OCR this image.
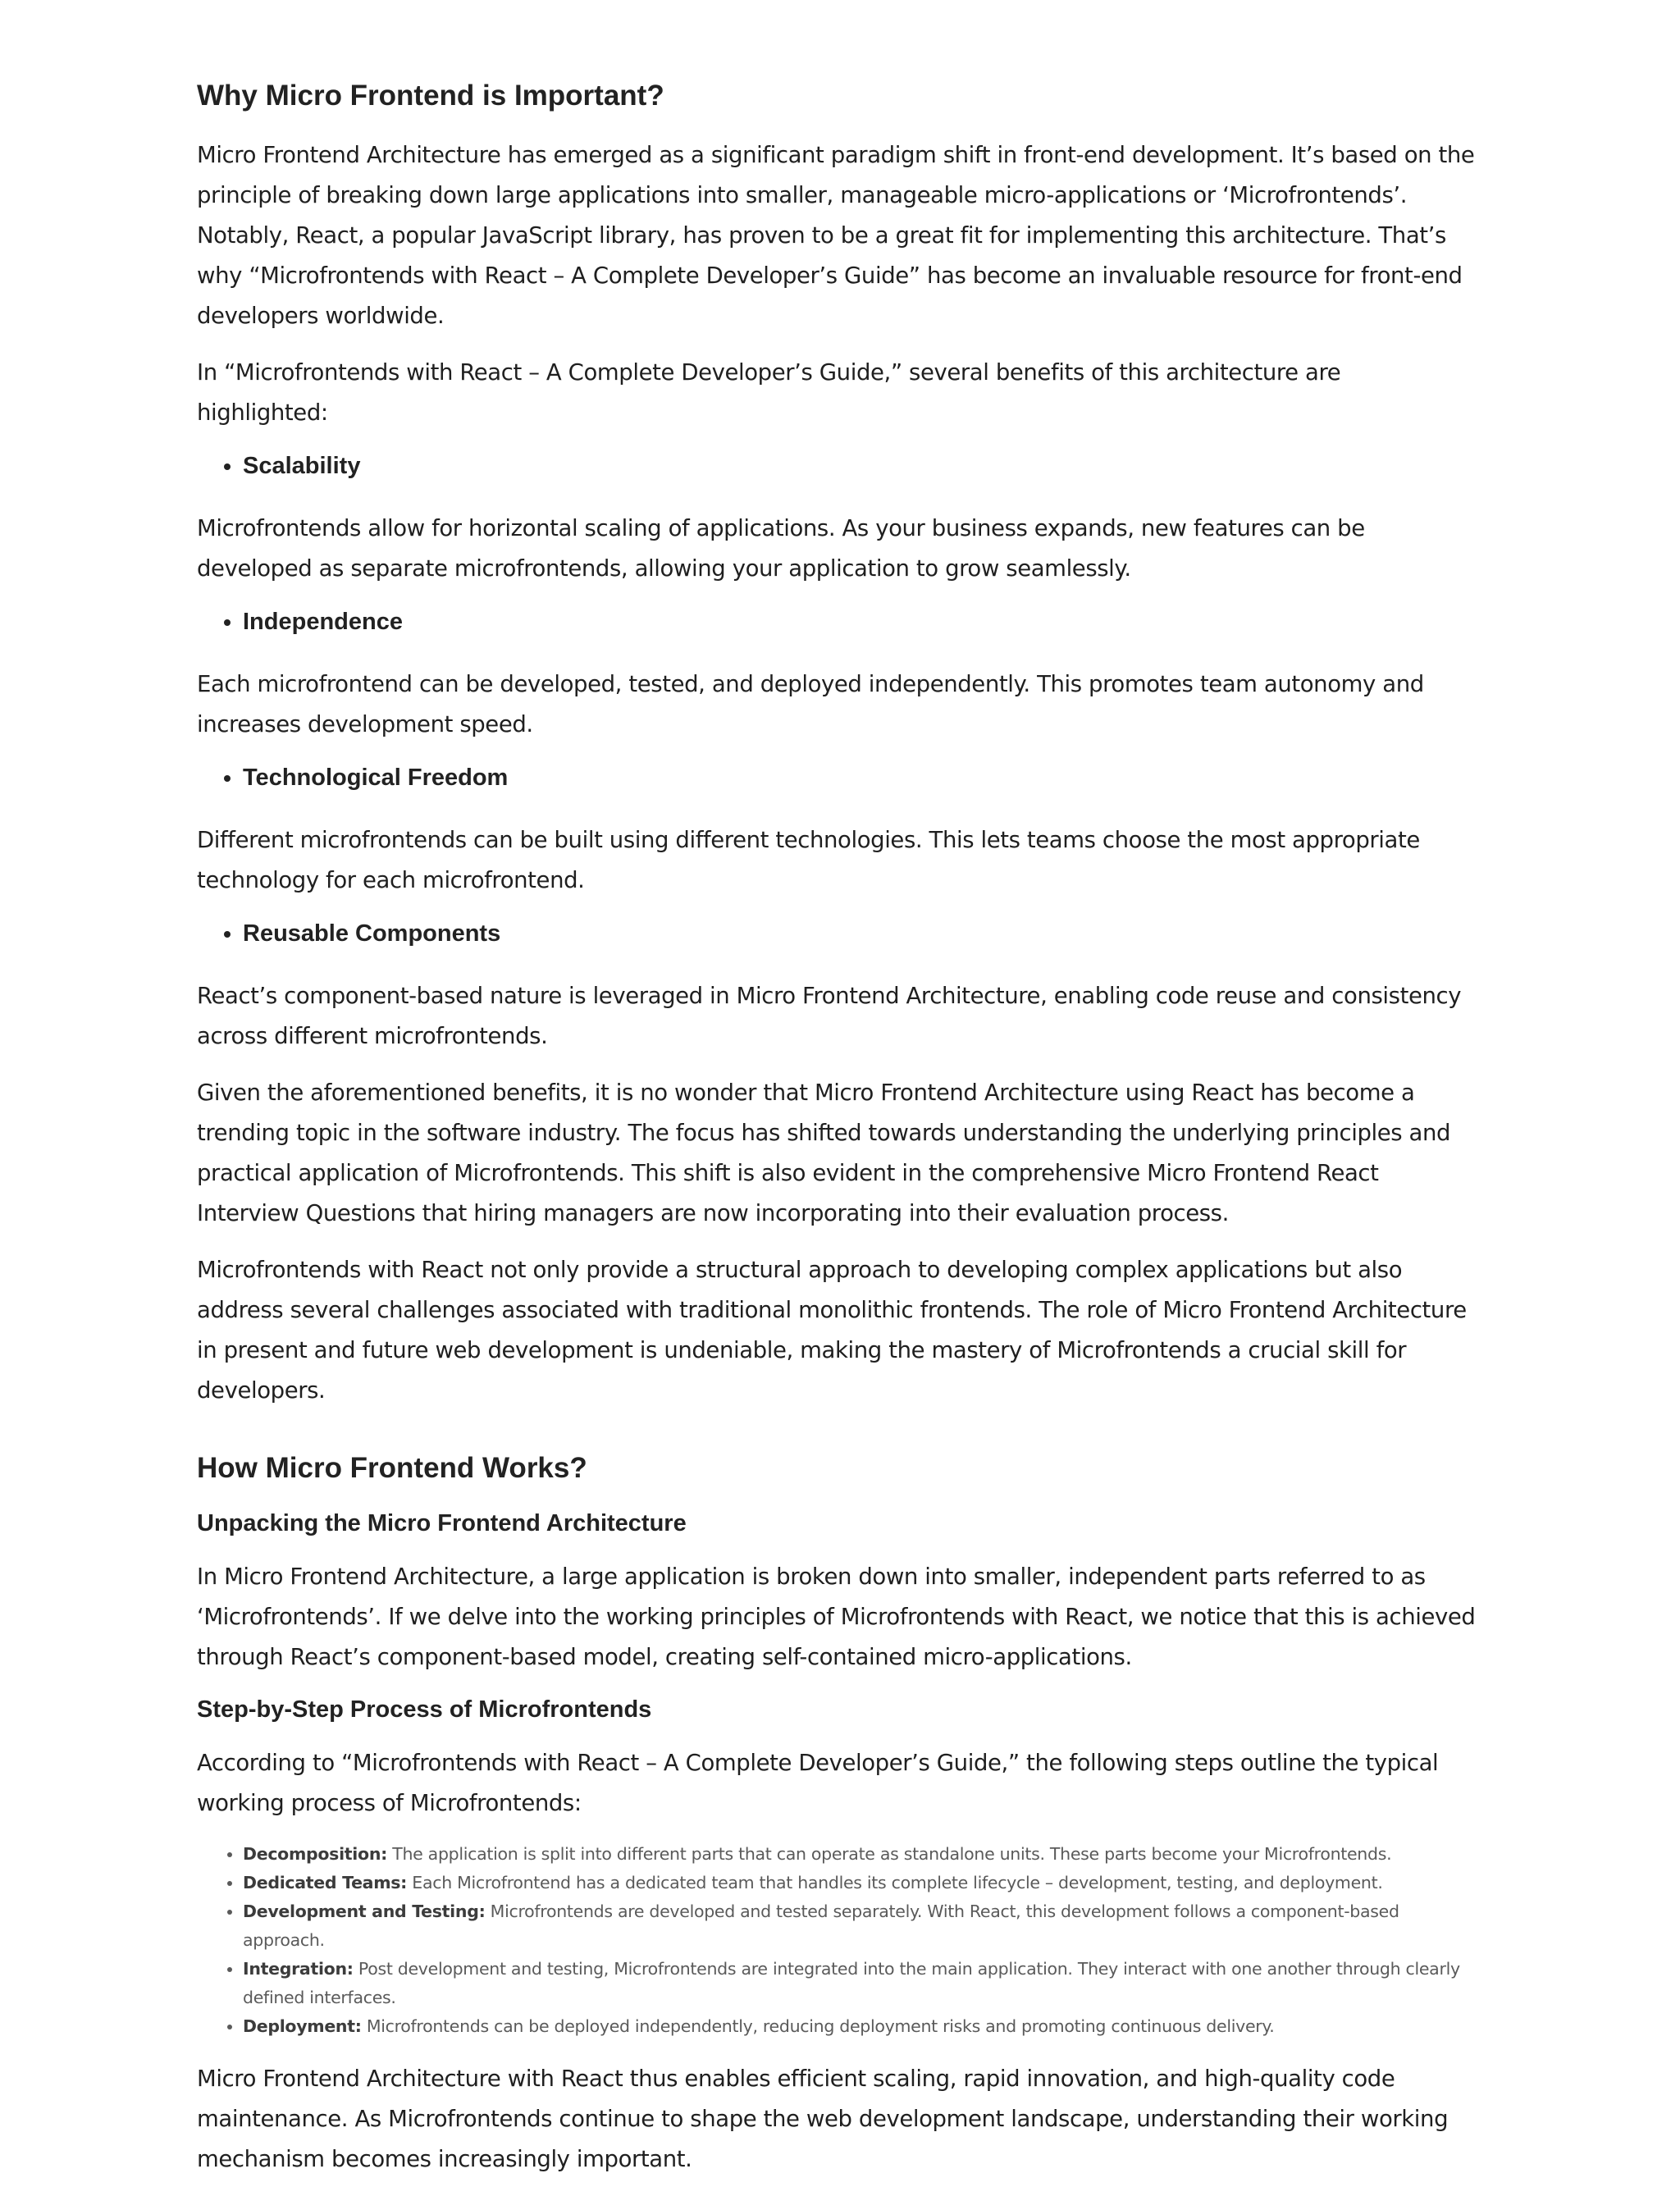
Why Micro Frontend is Important?

Micro Frontend Architecture has emerged as a significant paradigm shift in front-end development. It’s based on the principle of breaking down large applications into smaller, manageable micro-applications or ‘Microfrontends’. Notably, React, a popular JavaScript library, has proven to be a great fit for implementing this architecture. That’s why “Microfrontends with React – A Complete Developer’s Guide” has become an invaluable resource for front-end developers worldwide.

In “Microfrontends with React – A Complete Developer’s Guide,” several benefits of this architecture are highlighted:

• Scalability

Microfrontends allow for horizontal scaling of applications. As your business expands, new features can be developed as separate microfrontends, allowing your application to grow seamlessly.

• Independence

Each microfrontend can be developed, tested, and deployed independently. This promotes team autonomy and increases development speed.

• Technological Freedom

Different microfrontends can be built using different technologies. This lets teams choose the most appropriate technology for each microfrontend.

• Reusable Components

React’s component-based nature is leveraged in Micro Frontend Architecture, enabling code reuse and consistency across different microfrontends.

Given the aforementioned benefits, it is no wonder that Micro Frontend Architecture using React has become a trending topic in the software industry. The focus has shifted towards understanding the underlying principles and practical application of Microfrontends. This shift is also evident in the comprehensive Micro Frontend React Interview Questions that hiring managers are now incorporating into their evaluation process.

Microfrontends with React not only provide a structural approach to developing complex applications but also address several challenges associated with traditional monolithic frontends. The role of Micro Frontend Architecture in present and future web development is undeniable, making the mastery of Microfrontends a crucial skill for developers.

How Micro Frontend Works?
Unpacking the Micro Frontend Architecture

In Micro Frontend Architecture, a large application is broken down into smaller, independent parts referred to as ‘Microfrontends’. If we delve into the working principles of Microfrontends with React, we notice that this is achieved through React’s component-based model, creating self-contained micro-applications.

Step-by-Step Process of Microfrontends

According to “Microfrontends with React – A Complete Developer’s Guide,” the following steps outline the typical working process of Microfrontends:

• Decomposition: The application is split into different parts that can operate as standalone units. These parts become your Microfrontends.
• Dedicated Teams: Each Microfrontend has a dedicated team that handles its complete lifecycle – development, testing, and deployment.
• Development and Testing: Microfrontends are developed and tested separately. With React, this development follows a component-based approach.
• Integration: Post development and testing, Microfrontends are integrated into the main application. They interact with one another through clearly defined interfaces.
• Deployment: Microfrontends can be deployed independently, reducing deployment risks and promoting continuous delivery.

Micro Frontend Architecture with React thus enables efficient scaling, rapid innovation, and high-quality code maintenance. As Microfrontends continue to shape the web development landscape, understanding their working mechanism becomes increasingly important.
